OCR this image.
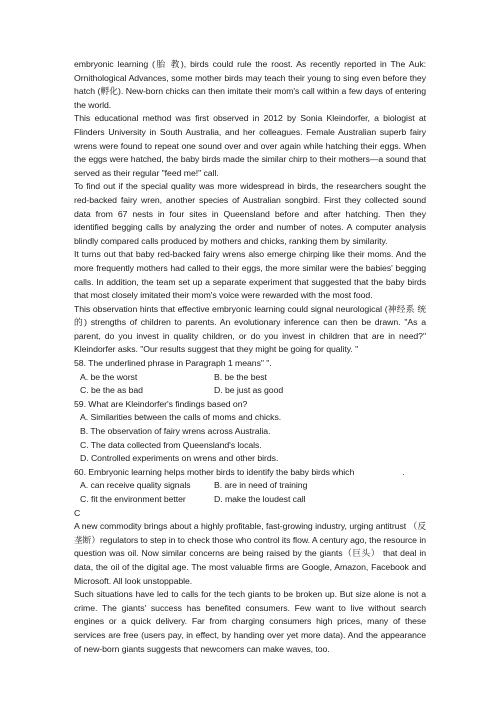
embryonic learning (胎 教), birds could rule the roost. As recently reported in The Auk: Ornithological Advances, some mother birds may teach their young to sing even before they hatch (孵化). New-born chicks can then imitate their mom's call within a few days of entering the world.

This educational method was first observed in 2012 by Sonia Kleindorfer, a biologist at Flinders University in South Australia, and her colleagues. Female Australian superb fairy wrens were found to repeat one sound over and over again while hatching their eggs. When the eggs were hatched, the baby birds made the similar chirp to their mothers—a sound that served as their regular "feed me!" call.

To find out if the special quality was more widespread in birds, the researchers sought the red-backed fairy wren, another species of Australian songbird. First they collected sound data from 67 nests in four sites in Queensland before and after hatching. Then they identified begging calls by analyzing the order and number of notes. A computer analysis blindly compared calls produced by mothers and chicks, ranking them by similarity.

It turns out that baby red-backed fairy wrens also emerge chirping like their moms. And the more frequently mothers had called to their eggs, the more similar were the babies' begging calls. In addition, the team set up a separate experiment that suggested that the baby birds that most closely imitated their mom's voice were rewarded with the most food.

This observation hints that effective embryonic learning could signal neurological (神经系 统的) strengths of children to parents. An evolutionary inference can then be drawn. "As a parent, do you invest in quality children, or do you invest in children that are in need?" Kleindorfer asks. "Our results suggest that they might be going for quality. "

58. The underlined phrase in Paragraph 1 means" ".

A. be the worst	B. be the best
C. be the as bad	D. be just as good

59. What are Kleindorfer's findings based on?

A. Similarities between the calls of moms and chicks.
B. The observation of fairy wrens across Australia.
C. The data collected from Queensland's locals.
D. Controlled experiments on wrens and other birds.

60. Embryonic learning helps mother birds to identify the baby birds which	.

A. can receive quality signals	B. are in need of training
C. fit the environment better	D. make the loudest call

C

A new commodity brings about a highly profitable, fast-growing industry, urging antitrust （反垄断）regulators to step in to check those who control its flow. A century ago, the resource in question was oil. Now similar concerns are being raised by the giants（巨头） that deal in data, the oil of the digital age. The most valuable firms are Google, Amazon, Facebook and Microsoft. All look unstoppable.

Such situations have led to calls for the tech giants to be broken up. But size alone is not a crime. The giants' success has benefited consumers. Few want to live without search engines or a quick delivery. Far from charging consumers high prices, many of these services are free (users pay, in effect, by handing over yet more data). And the appearance of new-born giants suggests that newcomers can make waves, too.
